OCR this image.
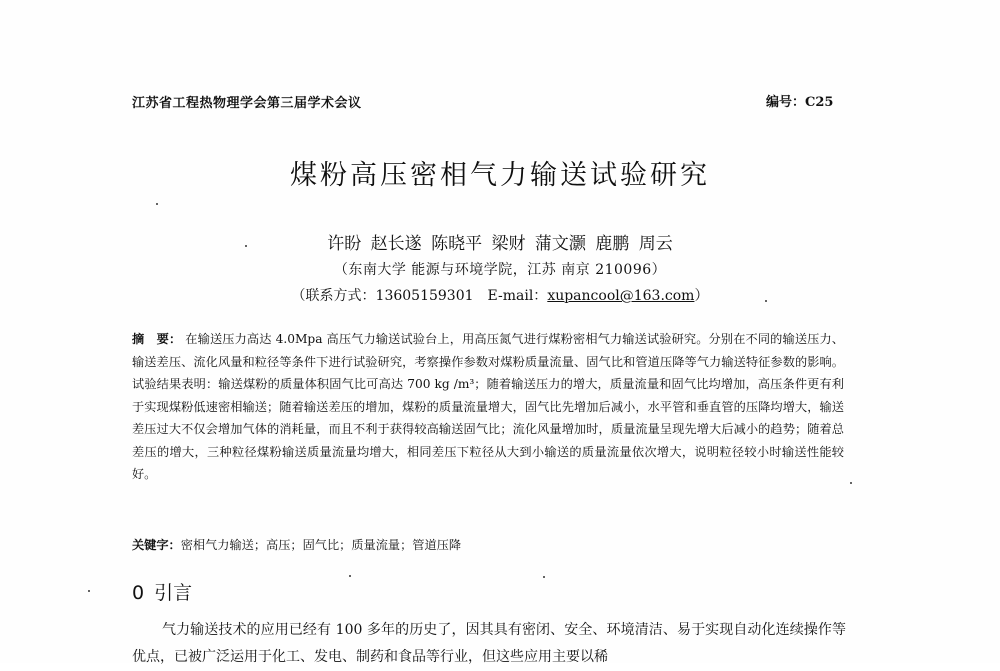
江苏省工程热物理学会第三届学术会议	编号：C25
煤粉高压密相气力输送试验研究
许盼 赵长遂 陈晓平 梁财 蒲文灏 鹿鹏 周云
（东南大学 能源与环境学院，江苏 南京 210096）
（联系方式：13605159301　E-mail：xupancool@163.com）
摘　要： 在输送压力高达 4.0Mpa 高压气力输送试验台上，用高压氮气进行煤粉密相气力输送试验研究。分别在不同的输送压力、输送差压、流化风量和粒径等条件下进行试验研究，考察操作参数对煤粉质量流量、固气比和管道压降等气力输送特征参数的影响。试验结果表明：输送煤粉的质量体积固气比可高达 700 kg /m³；随着输送压力的增大，质量流量和固气比均增加，高压条件更有利于实现煤粉低速密相输送；随着输送差压的增加，煤粉的质量流量增大，固气比先增加后减小，水平管和垂直管的压降均增大，输送差压过大不仅会增加气体的消耗量，而且不利于获得较高输送固气比；流化风量增加时，质量流量呈现先增大后减小的趋势；随着总差压的增大，三种粒径煤粉输送质量流量均增大，相同差压下粒径从大到小输送的质量流量依次增大，说明粒径较小时输送性能较好。
关键字：密相气力输送；高压；固气比；质量流量；管道压降
0 引言
气力输送技术的应用已经有 100 多年的历史了，因其具有密闭、安全、环境清洁、易于实现自动化连续操作等优点，已被广泛运用于化工、发电、制药和食品等行业，但这些应用主要以稀
